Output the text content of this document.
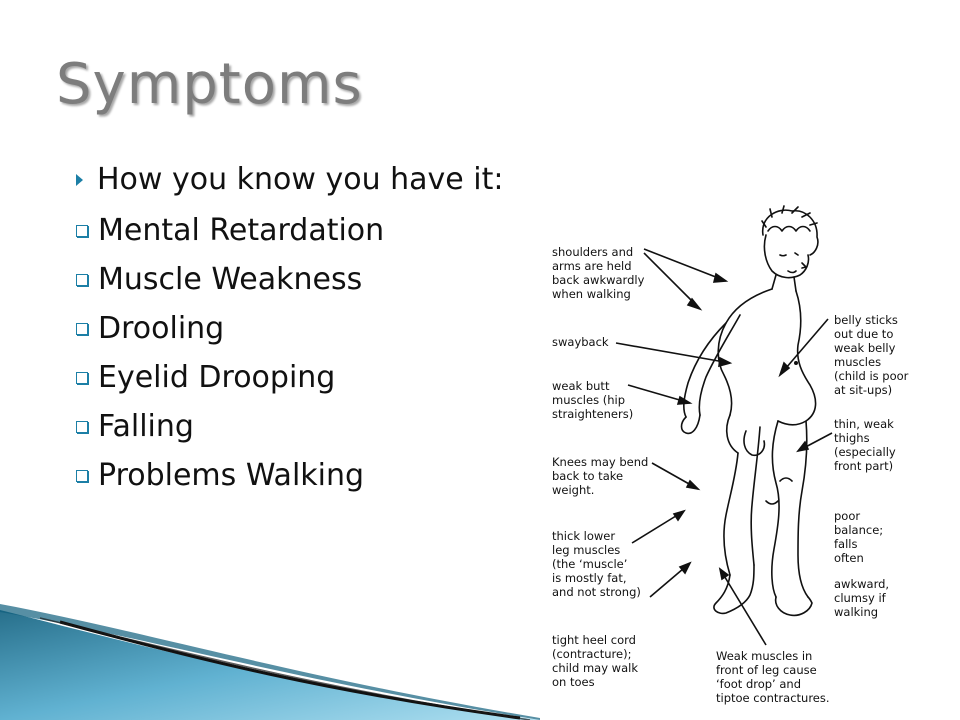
Symptoms
How you know you have it:
Mental Retardation
Muscle Weakness
Drooling
Eyelid Drooping
Falling
Problems Walking
shoulders and
arms are held
back awkwardly
when walking
swayback
weak butt
muscles (hip
straighteners)
Knees may bend
back to take
weight.
thick lower
leg muscles
(the ‘muscle’
is mostly fat,
and not strong)
tight heel cord
(contracture);
child may walk
on toes
belly sticks
out due to
weak belly
muscles
(child is poor
at sit-ups)
thin, weak
thighs
(especially
front part)
poor
balance;
falls
often
awkward,
clumsy if
walking
Weak muscles in
front of leg cause
‘foot drop’ and
tiptoe contractures.
